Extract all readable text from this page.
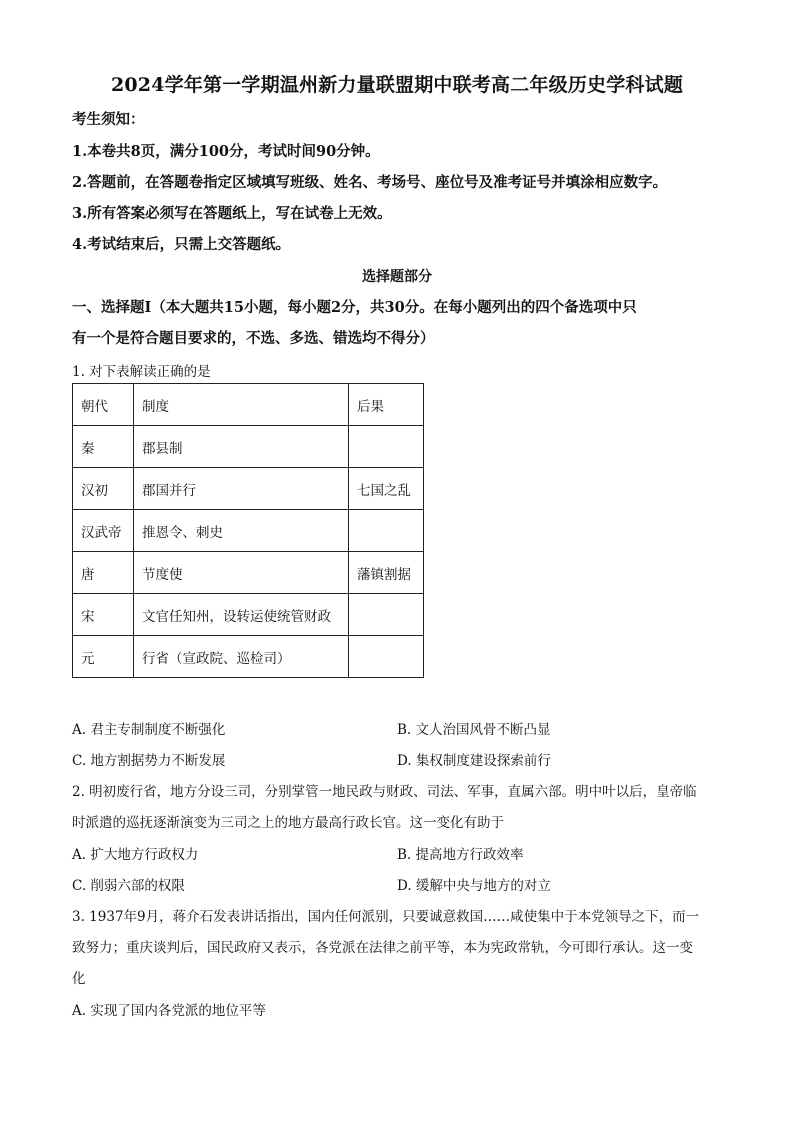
2024学年第一学期温州新力量联盟期中联考高二年级历史学科试题
考生须知：
1.本卷共8页，满分100分，考试时间90分钟。
2.答题前，在答题卷指定区域填写班级、姓名、考场号、座位号及准考证号并填涂相应数字。
3.所有答案必须写在答题纸上，写在试卷上无效。
4.考试结束后，只需上交答题纸。
选择题部分
一、选择题Ⅰ（本大题共15小题，每小题2分，共30分。在每小题列出的四个备选项中只
有一个是符合题目要求的，不选、多选、错选均不得分）
1. 对下表解读正确的是
朝代	制度	后果
秦	郡县制	
汉初	郡国并行	七国之乱
汉武帝	推恩令、刺史	
唐	节度使	藩镇割据
宋	文官任知州，设转运使统管财政	
元	行省（宣政院、巡检司）	
A. 君主专制制度不断强化	B. 文人治国风骨不断凸显
C. 地方割据势力不断发展	D. 集权制度建设探索前行
2. 明初废行省，地方分设三司，分别掌管一地民政与财政、司法、军事，直属六部。明中叶以后，皇帝临
时派遣的巡抚逐渐演变为三司之上的地方最高行政长官。这一变化有助于
A. 扩大地方行政权力	B. 提高地方行政效率
C. 削弱六部的权限	D. 缓解中央与地方的对立
3. 1937年9月，蒋介石发表讲话指出，国内任何派别，只要诚意救国……咸使集中于本党领导之下，而一
致努力；重庆谈判后，国民政府又表示，各党派在法律之前平等，本为宪政常轨，今可即行承认。这一变
化
A. 实现了国内各党派的地位平等
